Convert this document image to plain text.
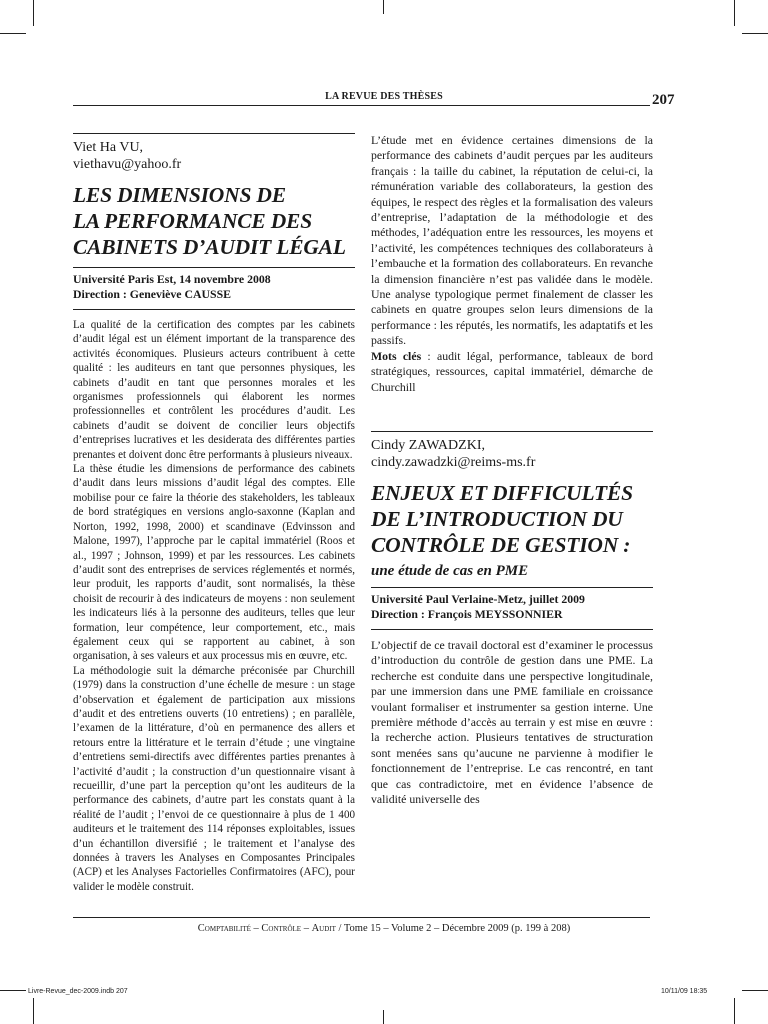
LA REVUE DES THÈSES	207
Viet Ha VU,
viethavu@yahoo.fr
LES DIMENSIONS DE
LA PERFORMANCE DES
CABINETS D’AUDIT LÉGAL
Université Paris Est, 14 novembre 2008
Direction : Geneviève CAUSSE

La qualité de la certification des comptes par les cabinets d’audit légal est un élément important de la transparence des activités économiques. Plusieurs acteurs contribuent à cette qualité : les auditeurs en tant que personnes physiques, les cabinets d’audit en tant que personnes morales et les organismes professionnels qui élaborent les normes professionnelles et contrôlent les procédures d’audit. Les cabinets d’audit se doivent de concilier leurs objectifs d’entreprises lucratives et les desiderata des différentes parties prenantes et doivent donc être performants à plusieurs niveaux.

La thèse étudie les dimensions de performance des cabinets d’audit dans leurs missions d’audit légal des comptes. Elle mobilise pour ce faire la théorie des stakeholders, les tableaux de bord stratégiques en versions anglo-saxonne (Kaplan and Norton, 1992, 1998, 2000) et scandinave (Edvinsson and Malone, 1997), l’approche par le capital immatériel (Roos et al., 1997 ; Johnson, 1999) et par les ressources. Les cabinets d’audit sont des entreprises de services réglementés et normés, leur produit, les rapports d’audit, sont normalisés, la thèse choisit de recourir à des indicateurs de moyens : non seulement les indicateurs liés à la personne des auditeurs, telles que leur formation, leur compétence, leur comportement, etc., mais également ceux qui se rapportent au cabinet, à son organisation, à ses valeurs et aux processus mis en œuvre, etc.

La méthodologie suit la démarche préconisée par Churchill (1979) dans la construction d’une échelle de mesure : un stage d’observation et également de participation aux missions d’audit et des entretiens ouverts (10 entretiens) ; en parallèle, l’examen de la littérature, d’où en permanence des allers et retours entre la littérature et le terrain d’étude ; une vingtaine d’entretiens semi-directifs avec différentes parties prenantes à l’activité d’audit ; la construction d’un questionnaire visant à recueillir, d’une part la perception qu’ont les auditeurs de la performance des cabinets, d’autre part les constats quant à la réalité de l’audit ; l’envoi de ce questionnaire à plus de 1 400 auditeurs et le traitement des 114 réponses exploitables, issues d’un échantillon diversifié ; le traitement et l’analyse des données à travers les Analyses en Composantes Principales (ACP) et les Analyses Factorielles Confirmatoires (AFC), pour valider le modèle construit.

L’étude met en évidence certaines dimensions de la performance des cabinets d’audit perçues par les auditeurs français : la taille du cabinet, la réputation de celui-ci, la rémunération variable des collaborateurs, la gestion des équipes, le respect des règles et la formalisation des valeurs d’entreprise, l’adaptation de la méthodologie et des méthodes, l’adéquation entre les ressources, les moyens et l’activité, les compétences techniques des collaborateurs à l’embauche et la formation des collaborateurs. En revanche la dimension financière n’est pas validée dans le modèle. Une analyse typologique permet finalement de classer les cabinets en quatre groupes selon leurs dimensions de la performance : les réputés, les normatifs, les adaptatifs et les passifs.

Mots clés : audit légal, performance, tableaux de bord stratégiques, ressources, capital immatériel, démarche de Churchill

Cindy ZAWADZKI,
cindy.zawadzki@reims-ms.fr
ENJEUX ET DIFFICULTÉS
DE L’INTRODUCTION DU
CONTRÔLE DE GESTION :
une étude de cas en PME
Université Paul Verlaine-Metz, juillet 2009
Direction : François MEYSSONNIER

L’objectif de ce travail doctoral est d’examiner le processus d’introduction du contrôle de gestion dans une PME. La recherche est conduite dans une perspective longitudinale, par une immersion dans une PME familiale en croissance voulant formaliser et instrumenter sa gestion interne. Une première méthode d’accès au terrain y est mise en œuvre : la recherche action. Plusieurs tentatives de structuration sont menées sans qu’aucune ne parvienne à modifier le fonctionnement de l’entreprise. Le cas rencontré, en tant que cas contradictoire, met en évidence l’absence de validité universelle des

Comptabilité – Contrôle – Audit / Tome 15 – Volume 2 – Décembre 2009 (p. 199 à 208)
Livre-Revue_dec-2009.indb 207	10/11/09 18:35
